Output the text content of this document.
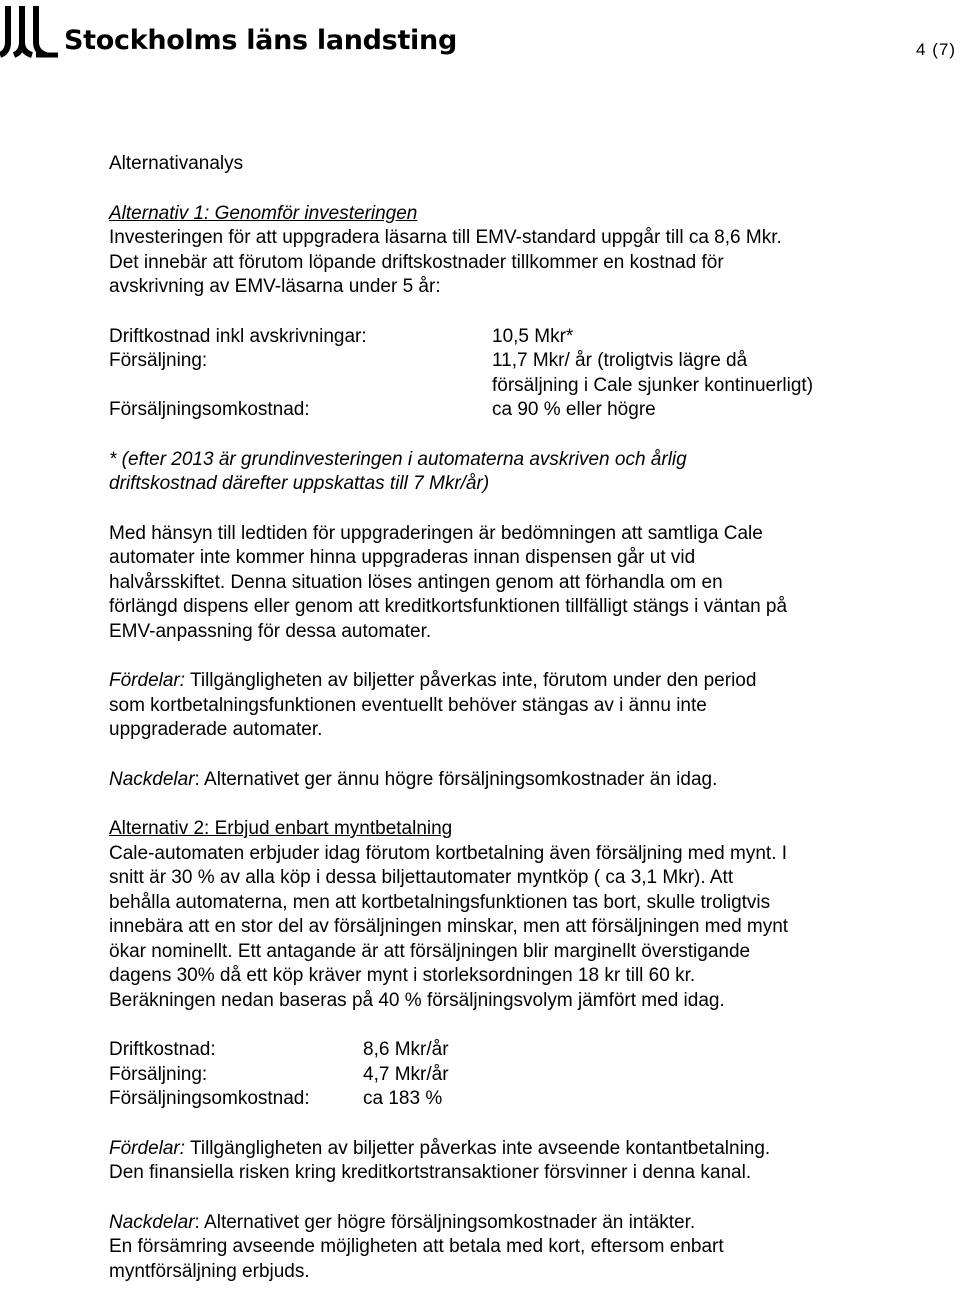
Stockholms läns landsting	4 (7)

Alternativanalys

Alternativ 1: Genomför investeringen

Investeringen för att uppgradera läsarna till EMV-standard uppgår till ca 8,6 Mkr.

Det innebär att förutom löpande driftskostnader tillkommer en kostnad för

avskrivning av EMV-läsarna under 5 år:

Driftkostnad inkl avskrivningar:	10,5 Mkr*
Försäljning:	11,7 Mkr/ år (troligtvis lägre då
försäljning i Cale sjunker kontinuerligt)
Försäljningsomkostnad:	ca 90 % eller högre

* (efter 2013 är grundinvesteringen i automaterna avskriven och årlig

driftskostnad därefter uppskattas till 7 Mkr/år)

Med hänsyn till ledtiden för uppgraderingen är bedömningen att samtliga Cale

automater inte kommer hinna uppgraderas innan dispensen går ut vid

halvårsskiftet. Denna situation löses antingen genom att förhandla om en

förlängd dispens eller genom att kreditkortsfunktionen tillfälligt stängs i väntan på

EMV-anpassning för dessa automater.

Fördelar: Tillgängligheten av biljetter påverkas inte, förutom under den period

som kortbetalningsfunktionen eventuellt behöver stängas av i ännu inte

uppgraderade automater.

Nackdelar: Alternativet ger ännu högre försäljningsomkostnader än idag.

Alternativ 2: Erbjud enbart myntbetalning

Cale-automaten erbjuder idag förutom kortbetalning även försäljning med mynt. I

snitt är 30 % av alla köp i dessa biljettautomater myntköp ( ca 3,1 Mkr). Att

behålla automaterna, men att kortbetalningsfunktionen tas bort, skulle troligtvis

innebära att en stor del av försäljningen minskar, men att försäljningen med mynt

ökar nominellt. Ett antagande är att försäljningen blir marginellt överstigande

dagens 30% då ett köp kräver mynt i storleksordningen 18 kr till 60 kr.

Beräkningen nedan baseras på 40 % försäljningsvolym jämfört med idag.

Driftkostnad:	8,6 Mkr/år
Försäljning:	4,7 Mkr/år
Försäljningsomkostnad:	ca 183 %

Fördelar: Tillgängligheten av biljetter påverkas inte avseende kontantbetalning.

Den finansiella risken kring kreditkortstransaktioner försvinner i denna kanal.

Nackdelar: Alternativet ger högre försäljningsomkostnader än intäkter.

En försämring avseende möjligheten att betala med kort, eftersom enbart

myntförsäljning erbjuds.
